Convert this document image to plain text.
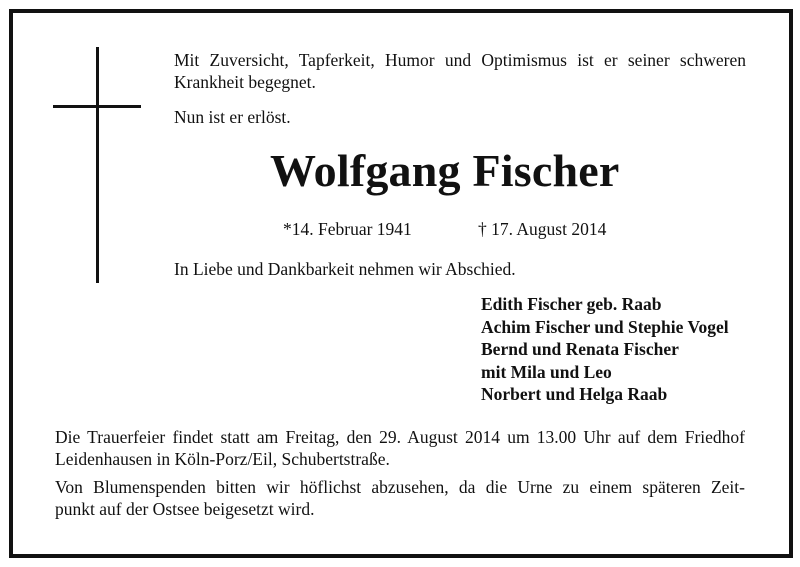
Mit Zuversicht, Tapferkeit, Humor und Optimismus ist er seiner schweren
Krankheit begegnet.

Nun ist er erlöst.

Wolfgang Fischer

*14. Februar 1941	† 17. August 2014

In Liebe und Dankbarkeit nehmen wir Abschied.

Edith Fischer geb. Raab
Achim Fischer und Stephie Vogel
Bernd und Renata Fischer
mit Mila und Leo
Norbert und Helga Raab

Die Trauerfeier findet statt am Freitag, den 29. August 2014 um 13.00 Uhr auf dem Friedhof
Leidenhausen in Köln-Porz/Eil, Schubertstraße.

Von Blumenspenden bitten wir höflichst abzusehen, da die Urne zu einem späteren Zeit-
punkt auf der Ostsee beigesetzt wird.
